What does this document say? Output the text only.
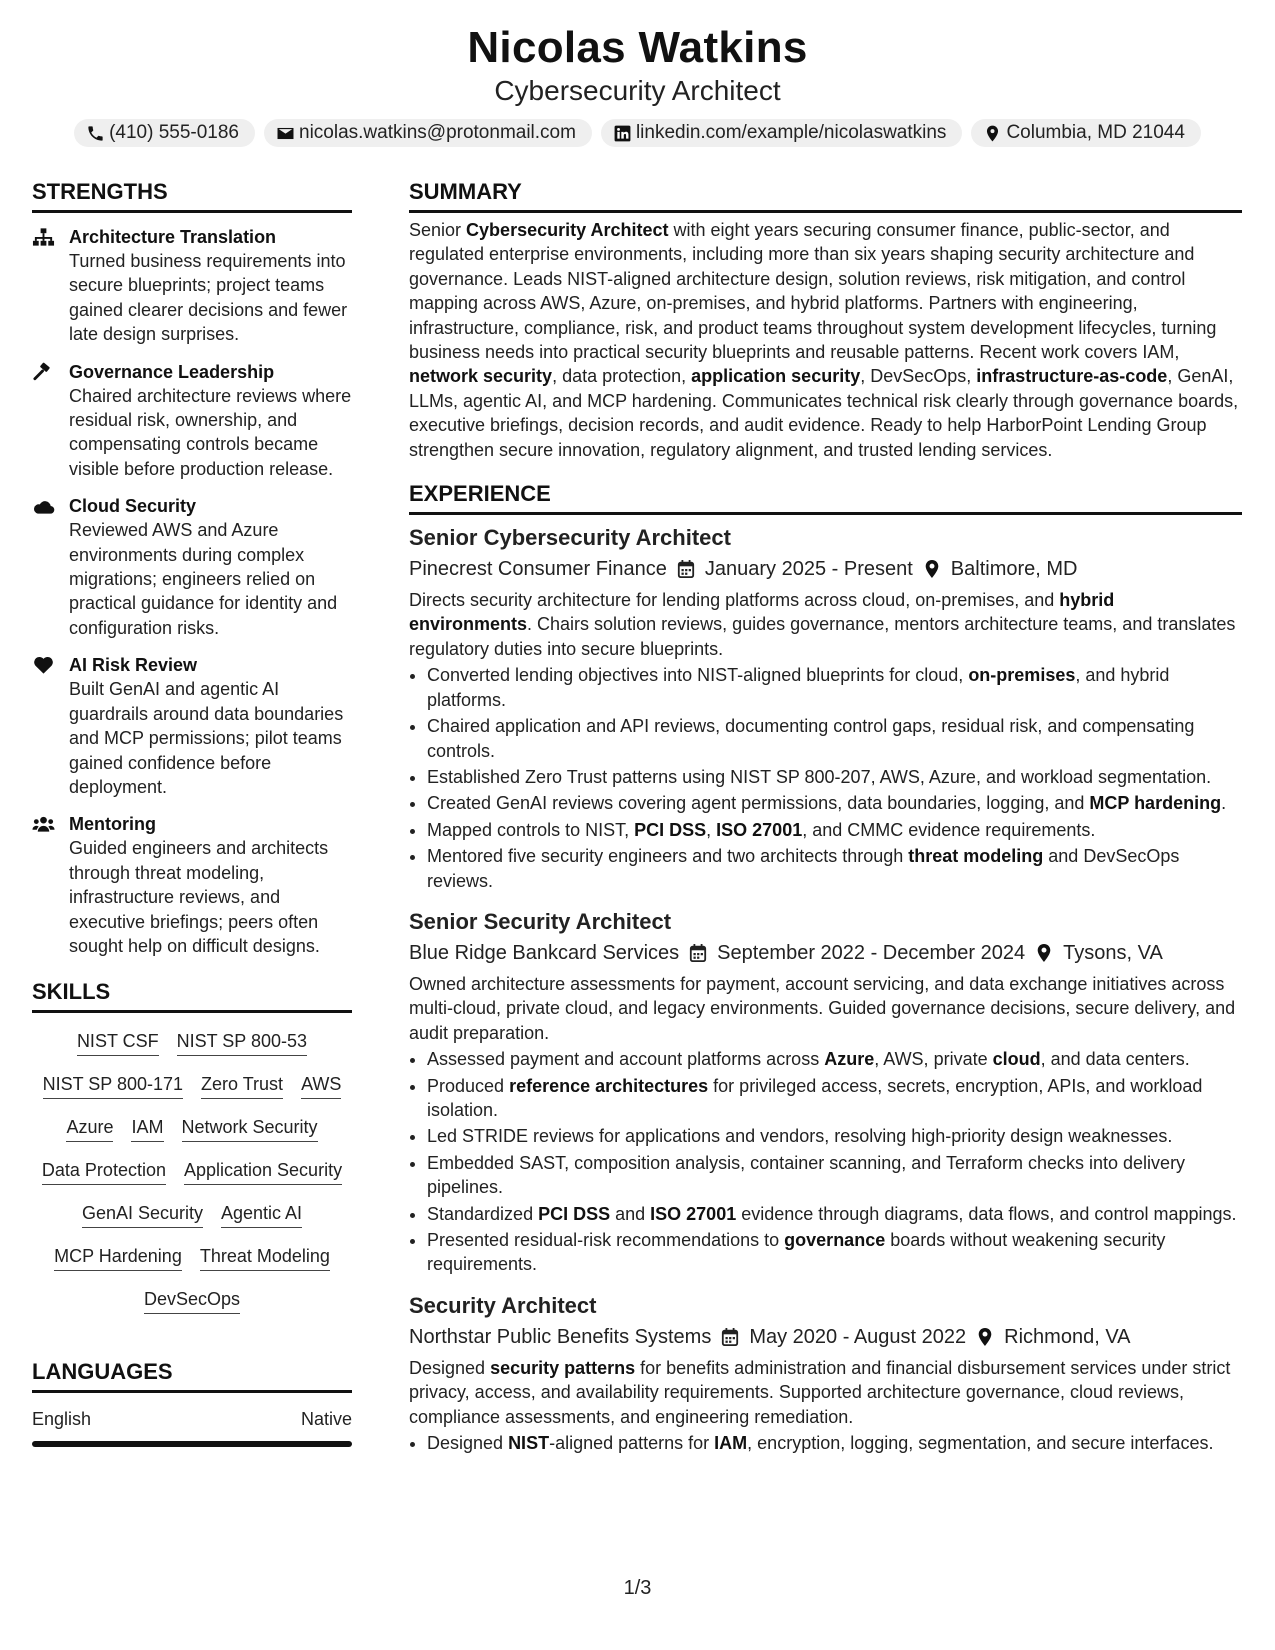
Nicolas Watkins
Cybersecurity Architect
(410) 555-0186	nicolas.watkins@protonmail.com	linkedin.com/example/nicolaswatkins	Columbia, MD 21044
STRENGTHS
Architecture Translation
Turned business requirements into secure blueprints; project teams gained clearer decisions and fewer late design surprises.
Governance Leadership
Chaired architecture reviews where residual risk, ownership, and compensating controls became visible before production release.
Cloud Security
Reviewed AWS and Azure environments during complex migrations; engineers relied on practical guidance for identity and configuration risks.
AI Risk Review
Built GenAI and agentic AI guardrails around data boundaries and MCP permissions; pilot teams gained confidence before deployment.
Mentoring
Guided engineers and architects through threat modeling, infrastructure reviews, and executive briefings; peers often sought help on difficult designs.
SKILLS
NIST CSF NIST SP 800-53
NIST SP 800-171 Zero Trust AWS
Azure IAM Network Security
Data Protection Application Security
GenAI Security Agentic AI
MCP Hardening Threat Modeling
DevSecOps
LANGUAGES
English	Native
SUMMARY
Senior Cybersecurity Architect with eight years securing consumer finance, public-sector, and regulated enterprise environments, including more than six years shaping security architecture and governance. Leads NIST-aligned architecture design, solution reviews, risk mitigation, and control mapping across AWS, Azure, on-premises, and hybrid platforms. Partners with engineering, infrastructure, compliance, risk, and product teams throughout system development lifecycles, turning business needs into practical security blueprints and reusable patterns. Recent work covers IAM, network security, data protection, application security, DevSecOps, infrastructure-as-code, GenAI, LLMs, agentic AI, and MCP hardening. Communicates technical risk clearly through governance boards, executive briefings, decision records, and audit evidence. Ready to help HarborPoint Lending Group strengthen secure innovation, regulatory alignment, and trusted lending services.
EXPERIENCE
Senior Cybersecurity Architect
Pinecrest Consumer Finance January 2025 - Present Baltimore, MD
Directs security architecture for lending platforms across cloud, on-premises, and hybrid environments. Chairs solution reviews, guides governance, mentors architecture teams, and translates regulatory duties into secure blueprints.
• Converted lending objectives into NIST-aligned blueprints for cloud, on-premises, and hybrid platforms.
• Chaired application and API reviews, documenting control gaps, residual risk, and compensating controls.
• Established Zero Trust patterns using NIST SP 800-207, AWS, Azure, and workload segmentation.
• Created GenAI reviews covering agent permissions, data boundaries, logging, and MCP hardening.
• Mapped controls to NIST, PCI DSS, ISO 27001, and CMMC evidence requirements.
• Mentored five security engineers and two architects through threat modeling and DevSecOps reviews.
Senior Security Architect
Blue Ridge Bankcard Services September 2022 - December 2024 Tysons, VA
Owned architecture assessments for payment, account servicing, and data exchange initiatives across multi-cloud, private cloud, and legacy environments. Guided governance decisions, secure delivery, and audit preparation.
• Assessed payment and account platforms across Azure, AWS, private cloud, and data centers.
• Produced reference architectures for privileged access, secrets, encryption, APIs, and workload isolation.
• Led STRIDE reviews for applications and vendors, resolving high-priority design weaknesses.
• Embedded SAST, composition analysis, container scanning, and Terraform checks into delivery pipelines.
• Standardized PCI DSS and ISO 27001 evidence through diagrams, data flows, and control mappings.
• Presented residual-risk recommendations to governance boards without weakening security requirements.
Security Architect
Northstar Public Benefits Systems May 2020 - August 2022 Richmond, VA
Designed security patterns for benefits administration and financial disbursement services under strict privacy, access, and availability requirements. Supported architecture governance, cloud reviews, compliance assessments, and engineering remediation.
• Designed NIST-aligned patterns for IAM, encryption, logging, segmentation, and secure interfaces.
1/3
